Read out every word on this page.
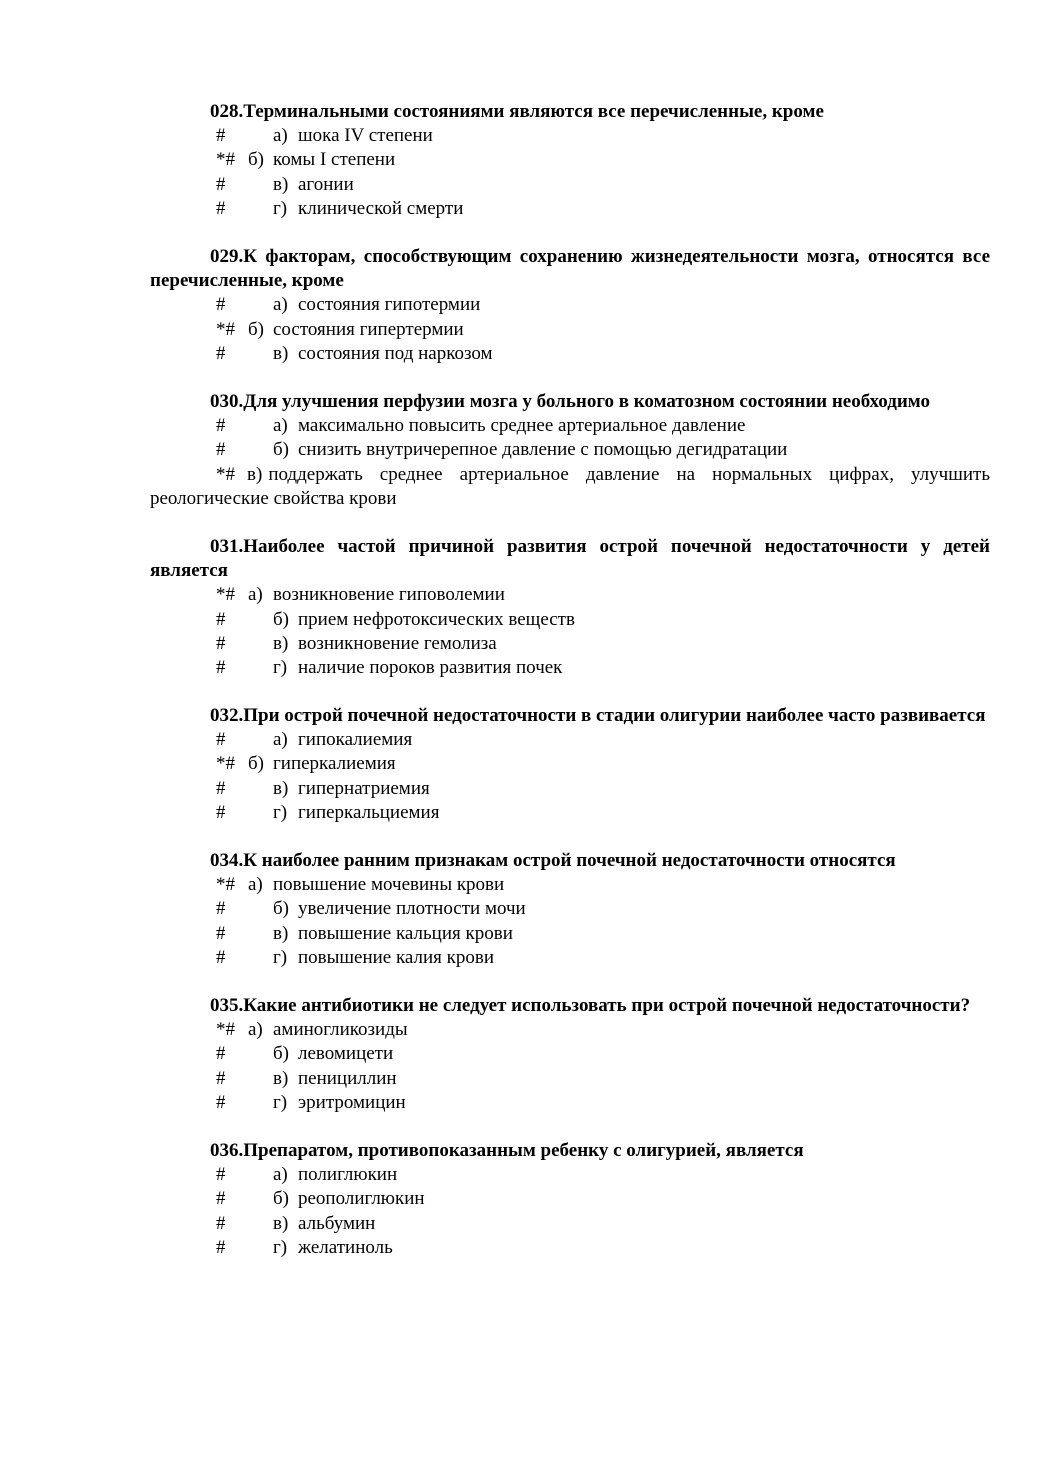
028.Терминальными состояниями являются все перечисленные, кроме

#	а) шока IV степени
*# б) комы I степени
#	в) агонии
#	г) клинической смерти

029.К факторам, способствующим сохранению жизнедеятельности мозга, относятся все перечисленные, кроме

#	а) состояния гипотермии
*# б) состояния гипертермии
#	в) состояния под наркозом

030.Для улучшения перфузии мозга у больного в коматозном состоянии необходимо

#	а) максимально повысить среднее артериальное давление
#	б) снизить внутричерепное давление с помощью дегидратации
*# в) поддержать среднее артериальное давление на нормальных цифрах, улучшить реологические свойства крови

031.Наиболее частой причиной развития острой почечной недостаточности у детей является

*# а) возникновение гиповолемии
#	б) прием нефротоксических веществ
#	в) возникновение гемолиза
#	г) наличие пороков развития почек

032.При острой почечной недостаточности в стадии олигурии наиболее часто развивается

#	а) гипокалиемия
*# б) гиперкалиемия
#	в) гипернатриемия
#	г) гиперкальциемия

034.К наиболее ранним признакам острой почечной недостаточности относятся

*# а) повышение мочевины крови
#	б) увеличение плотности мочи
#	в) повышение кальция крови
#	г) повышение калия крови

035.Какие антибиотики не следует использовать при острой почечной недостаточности?

*# а) аминогликозиды
#	б) левомицети
#	в) пенициллин
#	г) эритромицин

036.Препаратом, противопоказанным ребенку с олигурией, является

#	а) полиглюкин
#	б) реополиглюкин
#	в) альбумин
#	г) желатиноль
